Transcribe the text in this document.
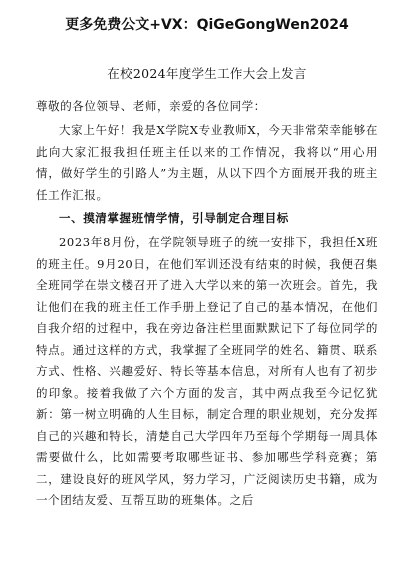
更多免费公文+VX：QiGeGongWen2024
在校2024年度学生工作大会上发言
尊敬的各位领导、老师，亲爱的各位同学：

大家上午好！我是X学院X专业教师X，今天非常荣幸能够在此向大家汇报我担任班主任以来的工作情况，我将以“用心用情，做好学生的引路人”为主题，从以下四个方面展开我的班主任工作汇报。

一、摸清掌握班情学情，引导制定合理目标

2023年8月份，在学院领导班子的统一安排下，我担任X班的班主任。9月20日，在他们军训还没有结束的时候，我便召集全班同学在崇文楼召开了进入大学以来的第一次班会。首先，我让他们在我的班主任工作手册上登记了自己的基本情况，在他们自我介绍的过程中，我在旁边备注栏里面默默记下了每位同学的特点。通过这样的方式，我掌握了全班同学的姓名、籍贯、联系方式、性格、兴趣爱好、特长等基本信息，对所有人也有了初步的印象。接着我做了六个方面的发言，其中两点我至今记忆犹新：第一树立明确的人生目标，制定合理的职业规划，充分发挥自己的兴趣和特长，清楚自己大学四年乃至每个学期每一周具体需要做什么，比如需要考取哪些证书、参加哪些学科竞赛；第二，建设良好的班风学风，努力学习，广泛阅读历史书籍，成为一个团结友爱、互帮互助的班集体。之后
